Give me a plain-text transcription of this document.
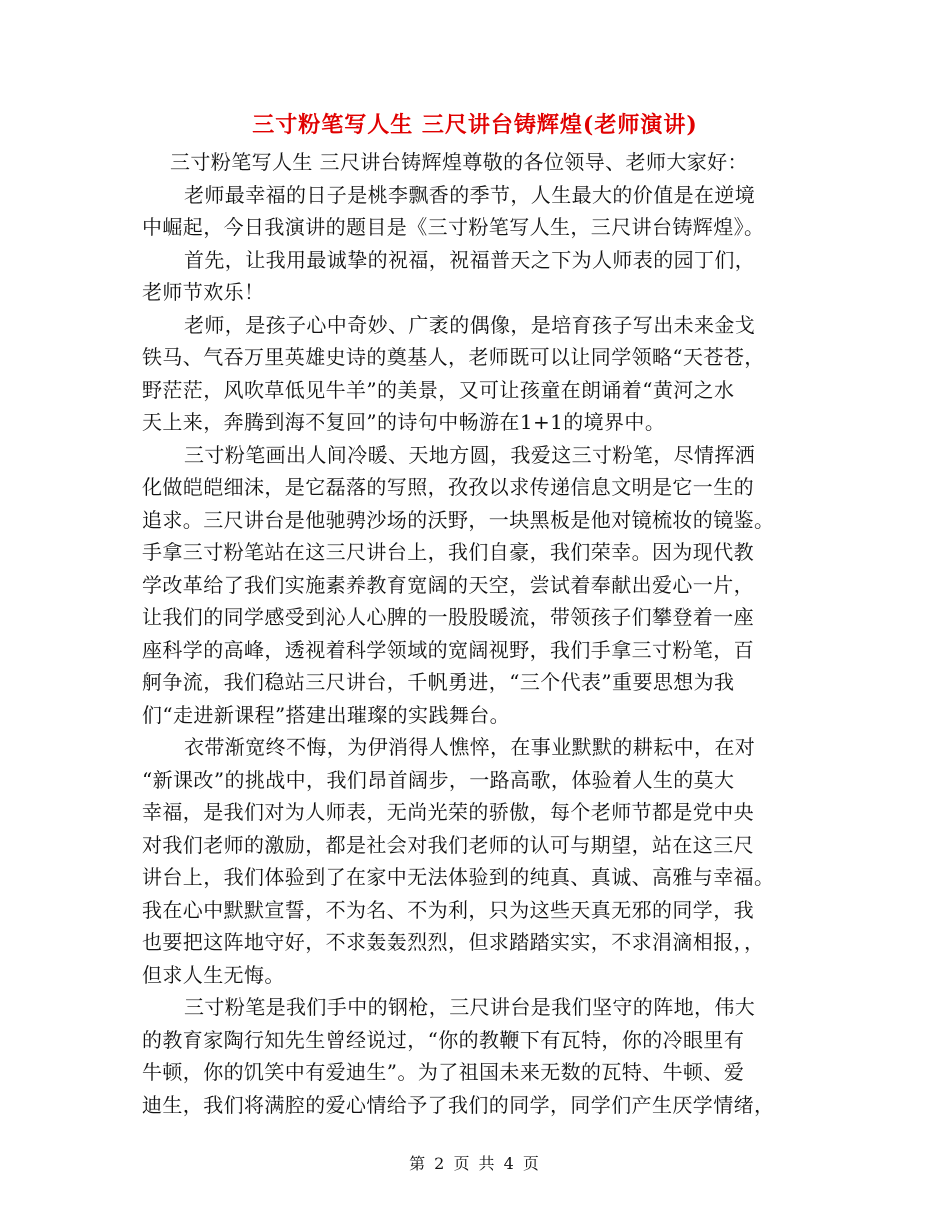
三寸粉笔写人生 三尺讲台铸辉煌(老师演讲)
三寸粉笔写人生 三尺讲台铸辉煌尊敬的各位领导、老师大家好：
老师最幸福的日子是桃李飘香的季节，人生最大的价值是在逆境
中崛起，今日我演讲的题目是《三寸粉笔写人生，三尺讲台铸辉煌》。
首先，让我用最诚挚的祝福，祝福普天之下为人师表的园丁们，
老师节欢乐！
老师，是孩子心中奇妙、广袤的偶像，是培育孩子写出未来金戈
铁马、气吞万里英雄史诗的奠基人，老师既可以让同学领略“天苍苍，
野茫茫，风吹草低见牛羊”的美景，又可让孩童在朗诵着“黄河之水
天上来，奔腾到海不复回”的诗句中畅游在1+1的境界中。
三寸粉笔画出人间冷暖、天地方圆，我爱这三寸粉笔，尽情挥洒
化做皑皑细沫，是它磊落的写照，孜孜以求传递信息文明是它一生的
追求。三尺讲台是他驰骋沙场的沃野，一块黑板是他对镜梳妆的镜鉴。
手拿三寸粉笔站在这三尺讲台上，我们自豪，我们荣幸。因为现代教
学改革给了我们实施素养教育宽阔的天空，尝试着奉献出爱心一片，
让我们的同学感受到沁人心脾的一股股暖流，带领孩子们攀登着一座
座科学的高峰，透视着科学领域的宽阔视野，我们手拿三寸粉笔，百
舸争流，我们稳站三尺讲台，千帆勇进，“三个代表”重要思想为我
们“走进新课程”搭建出璀璨的实践舞台。
衣带渐宽终不悔，为伊消得人憔悴，在事业默默的耕耘中，在对
“新课改”的挑战中，我们昂首阔步，一路高歌，体验着人生的莫大
幸福，是我们对为人师表，无尚光荣的骄傲，每个老师节都是党中央
对我们老师的激励，都是社会对我们老师的认可与期望，站在这三尺
讲台上，我们体验到了在家中无法体验到的纯真、真诚、高雅与幸福。
我在心中默默宣誓，不为名、不为利，只为这些天真无邪的同学，我
也要把这阵地守好，不求轰轰烈烈，但求踏踏实实，不求涓滴相报，，
但求人生无悔。
三寸粉笔是我们手中的钢枪，三尺讲台是我们坚守的阵地，伟大
的教育家陶行知先生曾经说过，“你的教鞭下有瓦特，你的冷眼里有
牛顿，你的饥笑中有爱迪生”。为了祖国未来无数的瓦特、牛顿、爱
迪生，我们将满腔的爱心情给予了我们的同学，同学们产生厌学情绪，
第 2 页 共 4 页
